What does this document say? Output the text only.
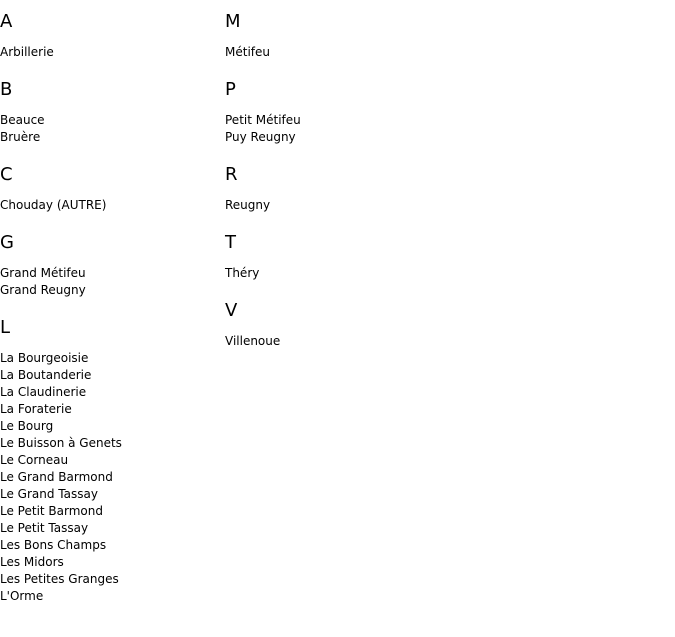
A
Arbillerie
B
Beauce
Bruère
C
Chouday (AUTRE)
G
Grand Métifeu
Grand Reugny
L
La Bourgeoisie
La Boutanderie
La Claudinerie
La Foraterie
Le Bourg
Le Buisson à Genets
Le Corneau
Le Grand Barmond
Le Grand Tassay
Le Petit Barmond
Le Petit Tassay
Les Bons Champs
Les Midors
Les Petites Granges
L'Orme
M
Métifeu
P
Petit Métifeu
Puy Reugny
R
Reugny
T
Théry
V
Villenoue
